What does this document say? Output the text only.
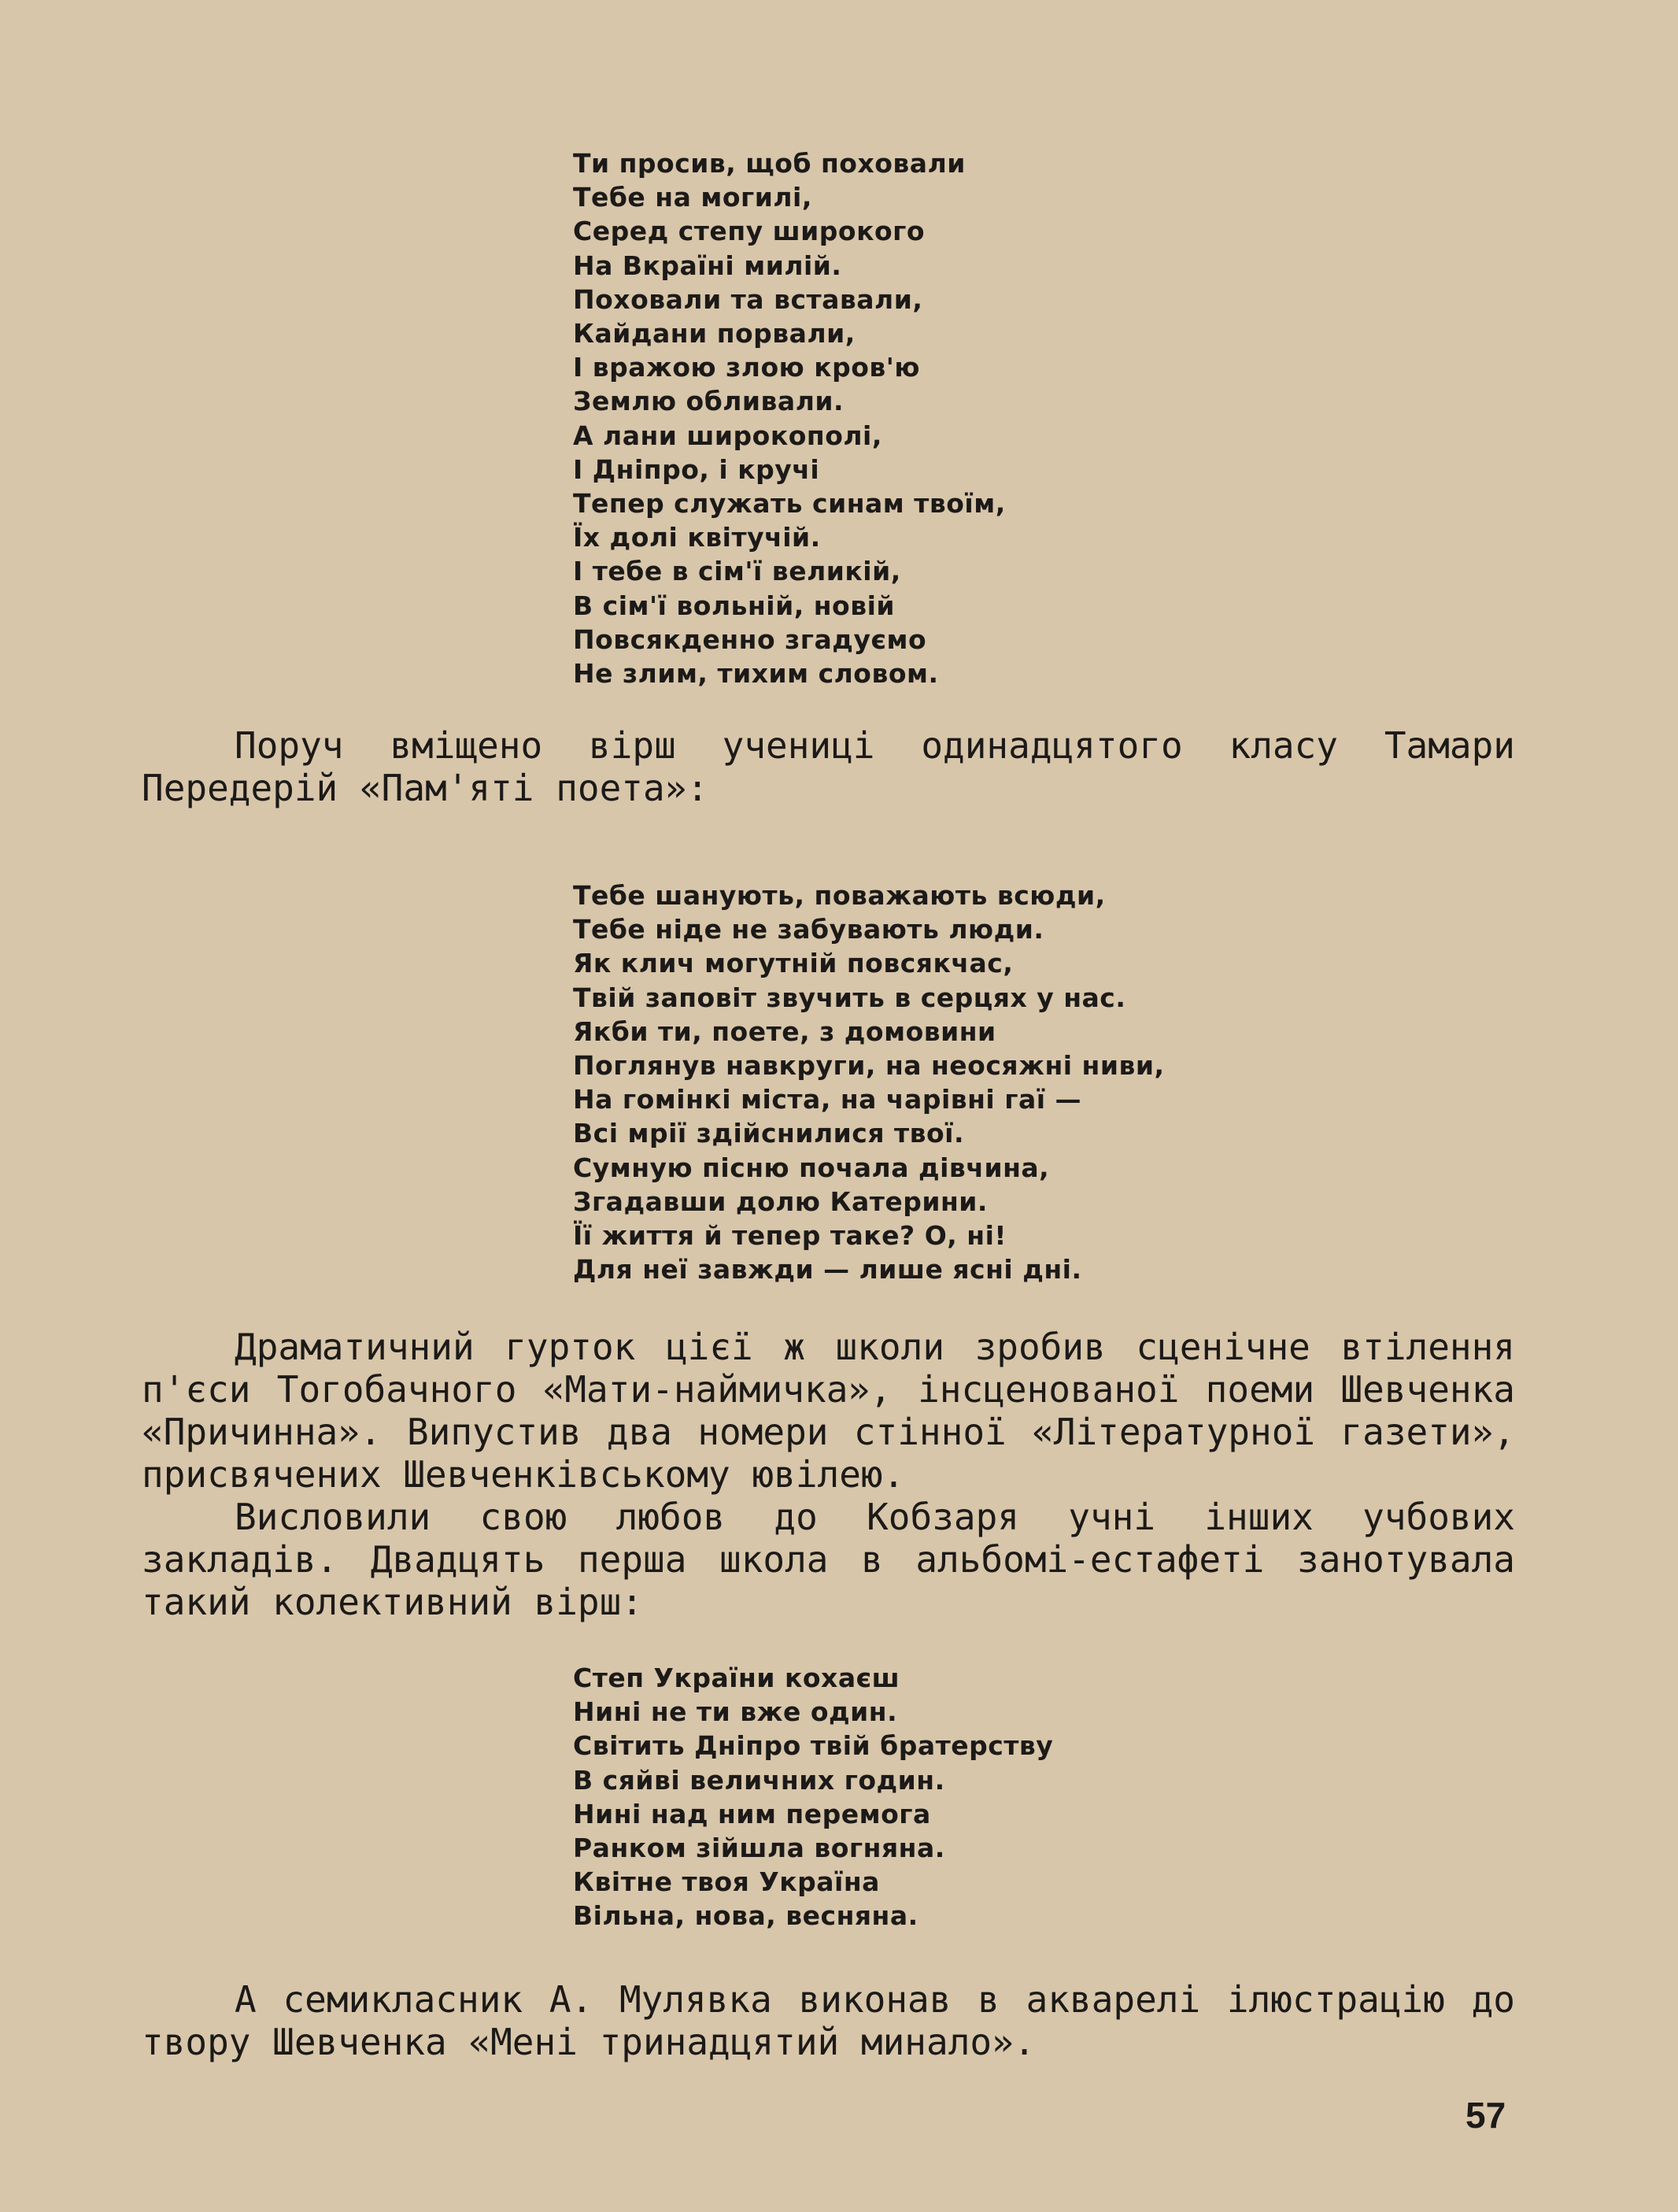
Ти просив, щоб поховали
Тебе на могилі,
Серед степу широкого
На Вкраїні милій.
Поховали та вставали,
Кайдани порвали,
І вражою злою кров'ю
Землю обливали.
А лани широкополі,
І Дніпро, і кручі
Тепер служать синам твоїм,
Їх долі квітучій.
І тебе в сім'ї великій,
В сім'ї вольній, новій
Повсякденно згадуємо
Не злим, тихим словом.

Поруч вміщено вірш учениці одинадцятого класу Тамари Передерій «Пам'яті поета»:

Тебе шанують, поважають всюди,
Тебе ніде не забувають люди.
Як клич могутній повсякчас,
Твій заповіт звучить в серцях у нас.
Якби ти, поете, з домовини
Поглянув навкруги, на неосяжні ниви,
На гомінкі міста, на чарівні гаї —
Всі мрії здійснилися твої.
Сумную пісню почала дівчина,
Згадавши долю Катерини.
Її життя й тепер таке? О, ні!
Для неї завжди — лише ясні дні.

Драматичний гурток цієї ж школи зробив сценічне втілення п'єси Тогобачного «Мати-наймичка», інсценованої поеми Шевченка «Причинна». Випустив два номери стінної «Літературної газети», присвячених Шевченківському ювілею.

Висловили свою любов до Кобзаря учні інших учбових закладів. Двадцять перша школа в альбомі-естафеті занотувала такий колективний вірш:

Степ України кохаєш
Нині не ти вже один.
Світить Дніпро твій братерству
В сяйві величних годин.
Нині над ним перемога
Ранком зійшла вогняна.
Квітне твоя Україна
Вільна, нова, весняна.

А семикласник А. Мулявка виконав в акварелі ілюстрацію до твору Шевченка «Мені тринадцятий минало».

57
